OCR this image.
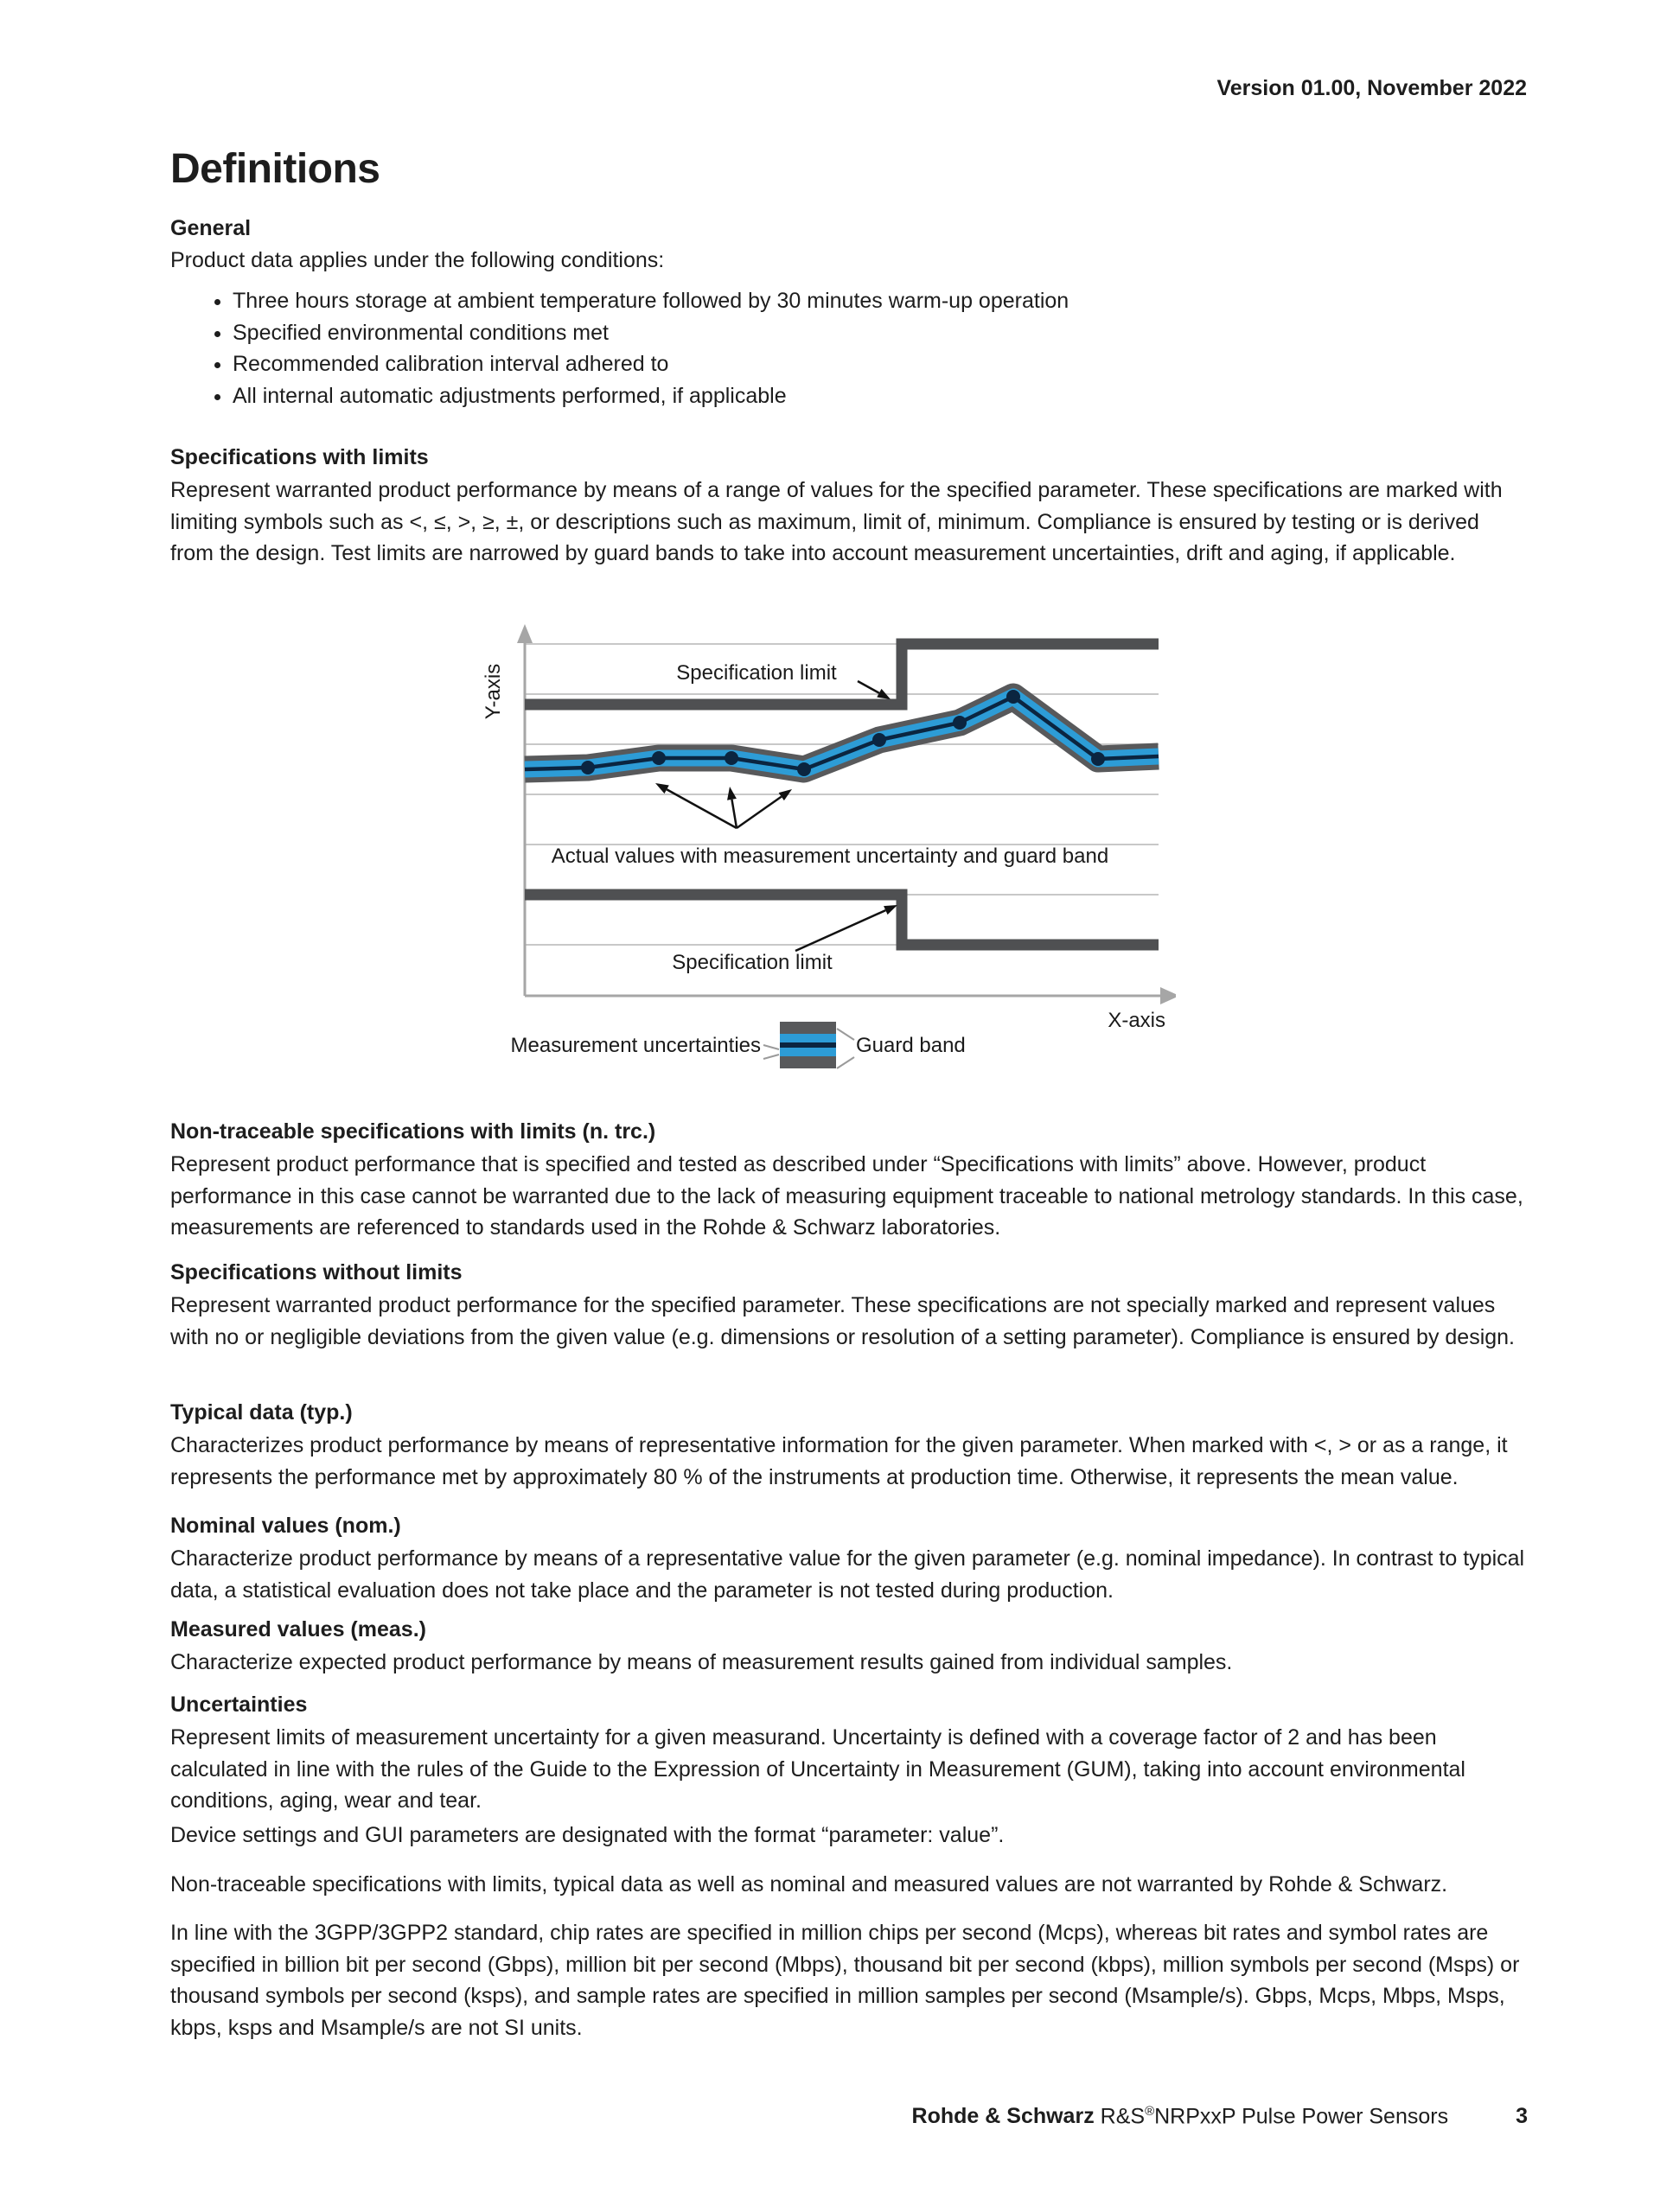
Version 01.00, November 2022
Definitions
General
Product data applies under the following conditions:
• Three hours storage at ambient temperature followed by 30 minutes warm-up operation
• Specified environmental conditions met
• Recommended calibration interval adhered to
• All internal automatic adjustments performed, if applicable
Specifications with limits
Represent warranted product performance by means of a range of values for the specified parameter. These specifications are marked with limiting symbols such as <, ≤, >, ≥, ±, or descriptions such as maximum, limit of, minimum. Compliance is ensured by testing or is derived from the design. Test limits are narrowed by guard bands to take into account measurement uncertainties, drift and aging, if applicable.
Specification limit
Specification limit
Actual values with measurement uncertainty and guard band
X-axis
Y-axis
Measurement uncertainties	Guard band
Non-traceable specifications with limits (n. trc.)
Represent product performance that is specified and tested as described under “Specifications with limits” above. However, product performance in this case cannot be warranted due to the lack of measuring equipment traceable to national metrology standards. In this case, measurements are referenced to standards used in the Rohde & Schwarz laboratories.
Specifications without limits
Represent warranted product performance for the specified parameter. These specifications are not specially marked and represent values with no or negligible deviations from the given value (e.g. dimensions or resolution of a setting parameter). Compliance is ensured by design.
Typical data (typ.)
Characterizes product performance by means of representative information for the given parameter. When marked with <, > or as a range, it represents the performance met by approximately 80 % of the instruments at production time. Otherwise, it represents the mean value.
Nominal values (nom.)
Characterize product performance by means of a representative value for the given parameter (e.g. nominal impedance). In contrast to typical data, a statistical evaluation does not take place and the parameter is not tested during production.
Measured values (meas.)
Characterize expected product performance by means of measurement results gained from individual samples.
Uncertainties
Represent limits of measurement uncertainty for a given measurand. Uncertainty is defined with a coverage factor of 2 and has been calculated in line with the rules of the Guide to the Expression of Uncertainty in Measurement (GUM), taking into account environmental conditions, aging, wear and tear.
Device settings and GUI parameters are designated with the format “parameter: value”.
Non-traceable specifications with limits, typical data as well as nominal and measured values are not warranted by Rohde & Schwarz.
In line with the 3GPP/3GPP2 standard, chip rates are specified in million chips per second (Mcps), whereas bit rates and symbol rates are specified in billion bit per second (Gbps), million bit per second (Mbps), thousand bit per second (kbps), million symbols per second (Msps) or thousand symbols per second (ksps), and sample rates are specified in million samples per second (Msample/s). Gbps, Mcps, Mbps, Msps, kbps, ksps and Msample/s are not SI units.
Rohde & Schwarz R&S®NRPxxP Pulse Power Sensors	3
